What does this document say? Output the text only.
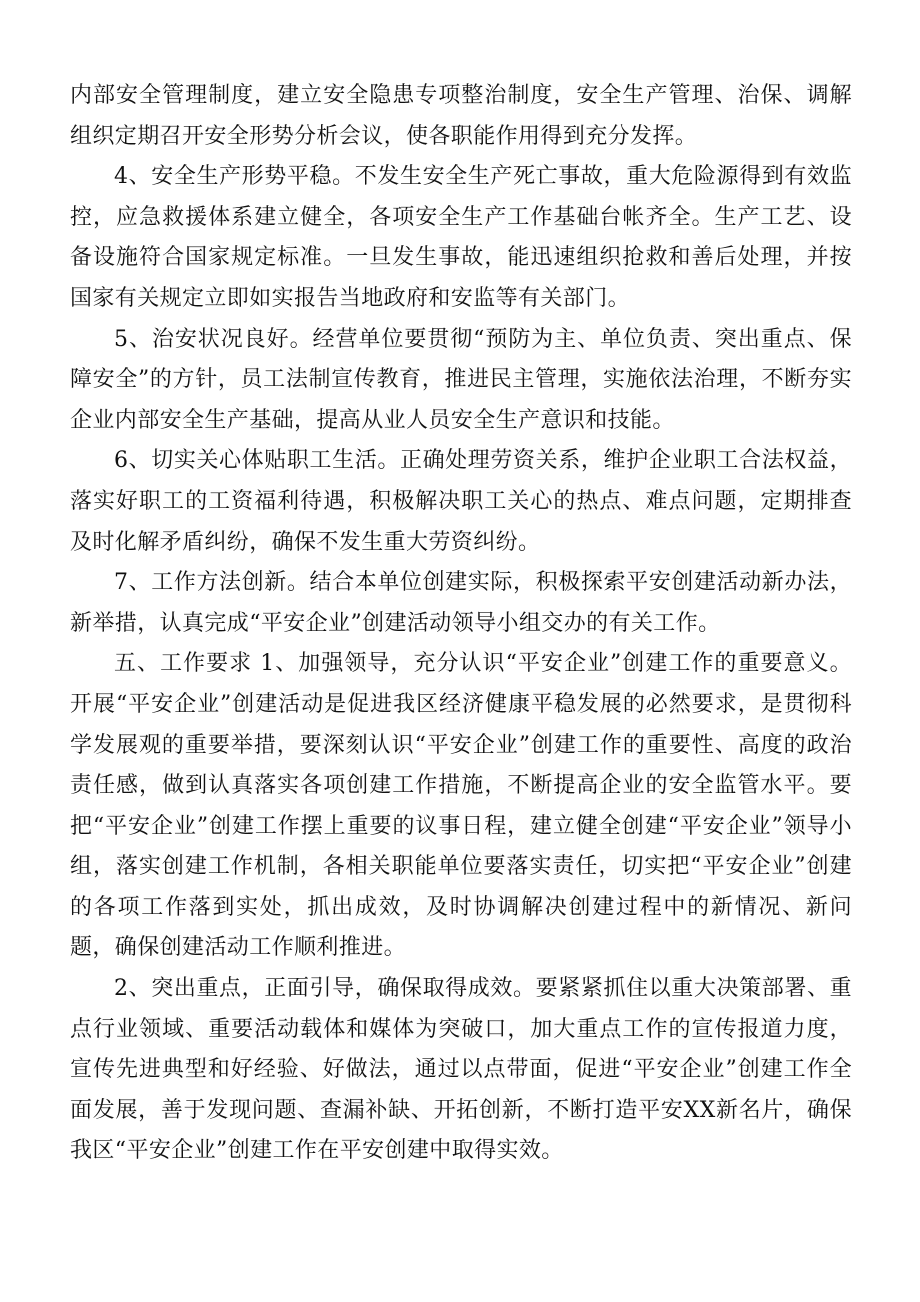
内部安全管理制度，建立安全隐患专项整治制度，安全生产管理、治保、调解组织定期召开安全形势分析会议，使各职能作用得到充分发挥。

4、安全生产形势平稳。不发生安全生产死亡事故，重大危险源得到有效监控，应急救援体系建立健全，各项安全生产工作基础台帐齐全。生产工艺、设备设施符合国家规定标准。一旦发生事故，能迅速组织抢救和善后处理，并按国家有关规定立即如实报告当地政府和安监等有关部门。

5、治安状况良好。经营单位要贯彻“预防为主、单位负责、突出重点、保障安全”的方针，员工法制宣传教育，推进民主管理，实施依法治理，不断夯实企业内部安全生产基础，提高从业人员安全生产意识和技能。

6、切实关心体贴职工生活。正确处理劳资关系，维护企业职工合法权益，落实好职工的工资福利待遇，积极解决职工关心的热点、难点问题，定期排查及时化解矛盾纠纷，确保不发生重大劳资纠纷。

7、工作方法创新。结合本单位创建实际，积极探索平安创建活动新办法，新举措，认真完成“平安企业”创建活动领导小组交办的有关工作。

五、工作要求 1、加强领导，充分认识“平安企业”创建工作的重要意义。开展“平安企业”创建活动是促进我区经济健康平稳发展的必然要求，是贯彻科学发展观的重要举措，要深刻认识“平安企业”创建工作的重要性、高度的政治责任感，做到认真落实各项创建工作措施，不断提高企业的安全监管水平。要把“平安企业”创建工作摆上重要的议事日程，建立健全创建“平安企业”领导小组，落实创建工作机制，各相关职能单位要落实责任，切实把“平安企业”创建的各项工作落到实处，抓出成效，及时协调解决创建过程中的新情况、新问题，确保创建活动工作顺利推进。

2、突出重点，正面引导，确保取得成效。要紧紧抓住以重大决策部署、重点行业领域、重要活动载体和媒体为突破口，加大重点工作的宣传报道力度，宣传先进典型和好经验、好做法，通过以点带面，促进“平安企业”创建工作全面发展，善于发现问题、查漏补缺、开拓创新，不断打造平安XX新名片，确保我区“平安企业”创建工作在平安创建中取得实效。
